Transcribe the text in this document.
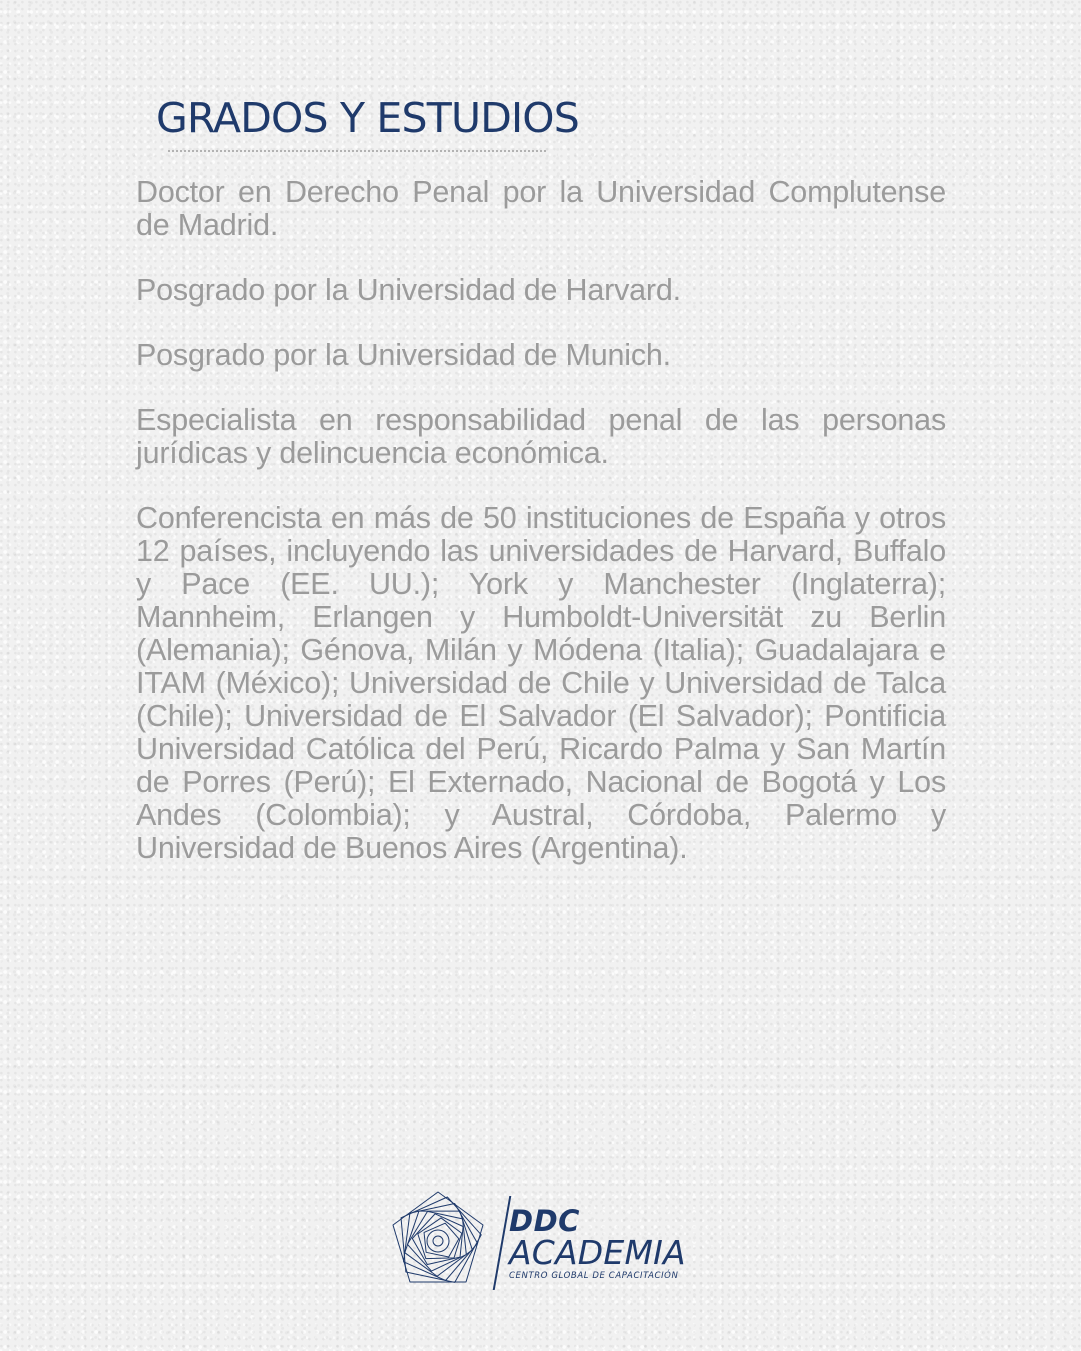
GRADOS Y ESTUDIOS

Doctor en Derecho Penal por la Universidad Complutense de Madrid.

Posgrado por la Universidad de Harvard.

Posgrado por la Universidad de Munich.

Especialista en responsabilidad penal de las personas jurídicas y delincuencia económica.

Conferencista en más de 50 instituciones de España y otros 12 países, incluyendo las universidades de Harvard, Buffalo y Pace (EE. UU.); York y Manchester (Inglaterra); Mannheim, Erlangen y Humboldt-Universität zu Berlin (Alemania); Génova, Milán y Módena (Italia); Guadalajara e ITAM (México); Universidad de Chile y Universidad de Talca (Chile); Universidad de El Salvador (El Salvador); Pontificia Universidad Católica del Perú, Ricardo Palma y San Martín de Porres (Perú); El Externado, Nacional de Bogotá y Los Andes (Colombia); y Austral, Córdoba, Palermo y Universidad de Buenos Aires (Argentina).

DDC
ACADEMIA
CENTRO GLOBAL DE CAPACITACIÓN
